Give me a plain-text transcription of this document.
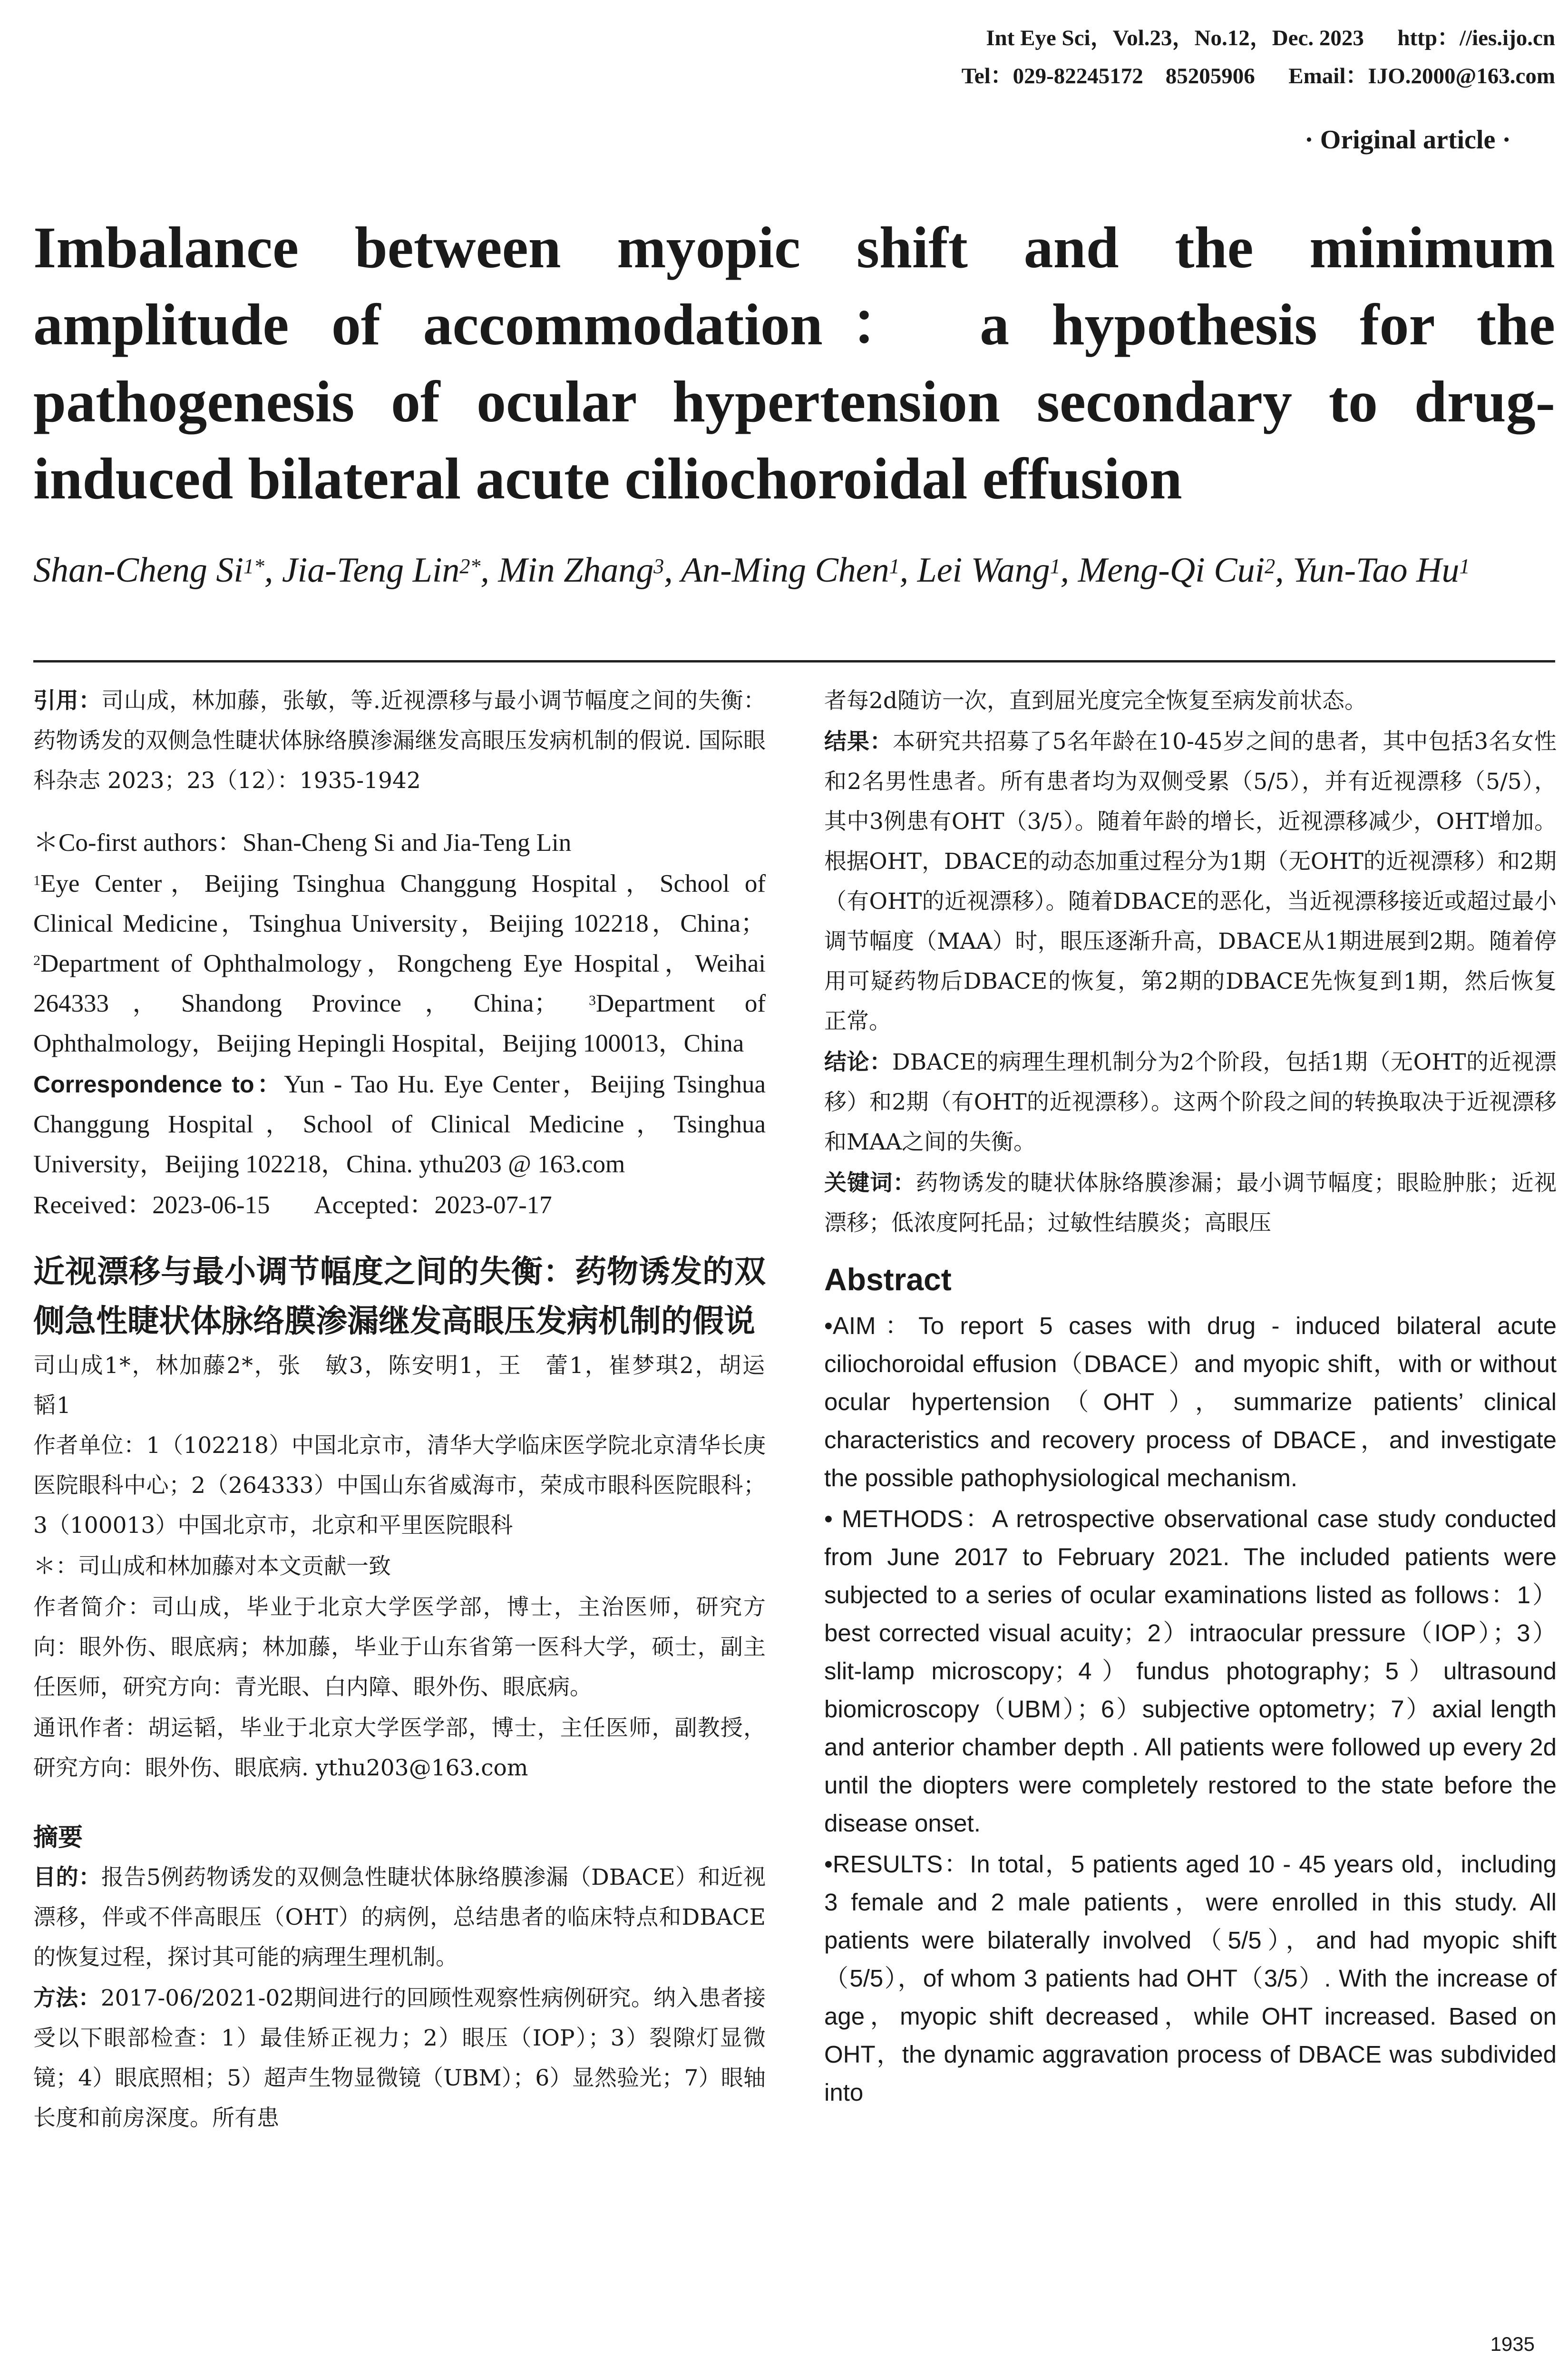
Int Eye Sci，Vol.23，No.12，Dec. 2023 http：//ies.ijo.cn
Tel：029-82245172　85205906 Email：IJO.2000@163.com
· Original article ·
Imbalance between myopic shift and the minimum amplitude of accommodation： a hypothesis for the pathogenesis of ocular hypertension secondary to drug-induced bilateral acute ciliochoroidal effusion
Shan-Cheng $Si^{1*}$, Jia-Teng Lin$^{2*}$, Min Zhang$^3$, An-Ming Chen$^1$, Lei Wang$^1$, Meng-Qi Cui$^2$, Yun-Tao Hu$^1$

引用：司山成，林加藤，张敏，等.近视漂移与最小调节幅度之间的失衡：药物诱发的双侧急性睫状体脉络膜渗漏继发高眼压发病机制的假说. 国际眼科杂志 2023；23（12）：1935-1942

＊Co-first authors：Shan-Cheng Si and Jia-Teng Lin

$^1$Eye Center，Beijing Tsinghua Changgung Hospital，School of Clinical Medicine，Tsinghua University，Beijing 102218，China； $^2$Department of Ophthalmology，Rongcheng Eye Hospital，Weihai 264333，Shandong Province，China； $^3$Department of Ophthalmology，Beijing Hepingli Hospital，Beijing 100013，China

Correspondence to：Yun - Tao Hu. Eye Center，Beijing Tsinghua Changgung Hospital，School of Clinical Medicine，Tsinghua University，Beijing 102218，China. ythu203 @ 163.com

Received：2023-06-15 Accepted：2023-07-17

近视漂移与最小调节幅度之间的失衡：药物诱发的双侧急性睫状体脉络膜渗漏继发高眼压发病机制的假说

司山成1*，林加藤2*，张　敏3，陈安明1，王　蕾1，崔梦琪2，胡运韬1

作者单位：1（102218）中国北京市，清华大学临床医学院北京清华长庚医院眼科中心；2（264333）中国山东省威海市，荣成市眼科医院眼科；3（100013）中国北京市，北京和平里医院眼科

＊：司山成和林加藤对本文贡献一致

作者简介：司山成，毕业于北京大学医学部，博士，主治医师，研究方向：眼外伤、眼底病；林加藤，毕业于山东省第一医科大学，硕士，副主任医师，研究方向：青光眼、白内障、眼外伤、眼底病。

通讯作者：胡运韬，毕业于北京大学医学部，博士，主任医师，副教授，研究方向：眼外伤、眼底病. ythu203@163.com

摘要

目的：报告5例药物诱发的双侧急性睫状体脉络膜渗漏（DBACE）和近视漂移，伴或不伴高眼压（OHT）的病例，总结患者的临床特点和DBACE的恢复过程，探讨其可能的病理生理机制。

方法：2017-06/2021-02期间进行的回顾性观察性病例研究。纳入患者接受以下眼部检查：1）最佳矫正视力；2）眼压（IOP）；3）裂隙灯显微镜；4）眼底照相；5）超声生物显微镜（UBM）；6）显然验光；7）眼轴长度和前房深度。所有患

者每2d随访一次，直到屈光度完全恢复至病发前状态。

结果：本研究共招募了5名年龄在10-45岁之间的患者，其中包括3名女性和2名男性患者。所有患者均为双侧受累（5/5），并有近视漂移（5/5），其中3例患有OHT（3/5）。随着年龄的增长，近视漂移减少，OHT增加。根据OHT，DBACE的动态加重过程分为1期（无OHT的近视漂移）和2期（有OHT的近视漂移）。随着DBACE的恶化，当近视漂移接近或超过最小调节幅度（MAA）时，眼压逐渐升高，DBACE从1期进展到2期。随着停用可疑药物后DBACE的恢复，第2期的DBACE先恢复到1期，然后恢复正常。

结论：DBACE的病理生理机制分为2个阶段，包括1期（无OHT的近视漂移）和2期（有OHT的近视漂移）。这两个阶段之间的转换取决于近视漂移和MAA之间的失衡。

关键词：药物诱发的睫状体脉络膜渗漏；最小调节幅度；眼睑肿胀；近视漂移；低浓度阿托品；过敏性结膜炎；高眼压

Abstract

•AIM：To report 5 cases with drug - induced bilateral acute ciliochoroidal effusion（DBACE）and myopic shift，with or without ocular hypertension（OHT），summarize patients’ clinical characteristics and recovery process of DBACE，and investigate the possible pathophysiological mechanism.

• METHODS：A retrospective observational case study conducted from June 2017 to February 2021. The included patients were subjected to a series of ocular examinations listed as follows：1）best corrected visual acuity；2）intraocular pressure（IOP）；3）slit-lamp microscopy；4）fundus photography；5）ultrasound biomicroscopy（UBM）；6）subjective optometry；7）axial length and anterior chamber depth . All patients were followed up every 2d until the diopters were completely restored to the state before the disease onset.

•RESULTS：In total，5 patients aged 10 - 45 years old，including 3 female and 2 male patients，were enrolled in this study. All patients were bilaterally involved（5/5），and had myopic shift（5/5），of whom 3 patients had OHT（3/5）. With the increase of age，myopic shift decreased，while OHT increased. Based on OHT，the dynamic aggravation process of DBACE was subdivided into

1935
